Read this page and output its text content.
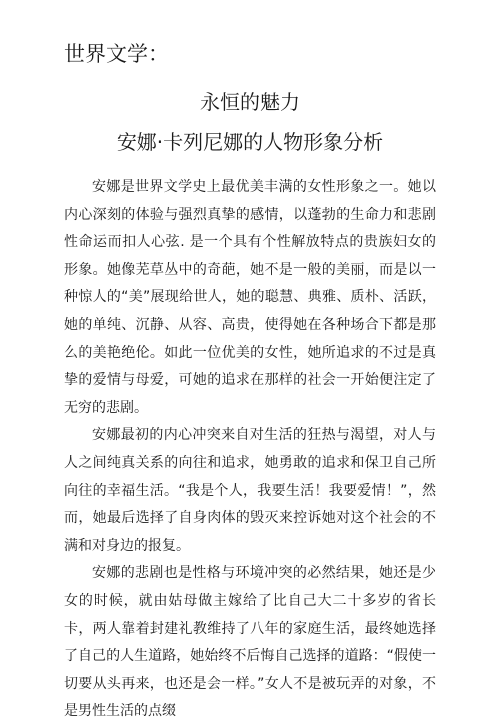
世界文学：
永恒的魅力
安娜·卡列尼娜的人物形象分析

安娜是世界文学史上最优美丰满的女性形象之一。她以内心深刻的体验与强烈真挚的感情，以蓬勃的生命力和悲剧性命运而扣人心弦. 是一个具有个性解放特点的贵族妇女的形象。她像芜草丛中的奇葩，她不是一般的美丽，而是以一种惊人的“美”展现给世人，她的聪慧、典雅、质朴、活跃，她的单纯、沉静、从容、高贵，使得她在各种场合下都是那么的美艳绝伦。如此一位优美的女性，她所追求的不过是真挚的爱情与母爱，可她的追求在那样的社会一开始便注定了无穷的悲剧。

安娜最初的内心冲突来自对生活的狂热与渴望，对人与人之间纯真关系的向往和追求，她勇敢的追求和保卫自己所向往的幸福生活。“我是个人，我要生活！我要爱情！”，然而，她最后选择了自身肉体的毁灭来控诉她对这个社会的不满和对身边的报复。

安娜的悲剧也是性格与环境冲突的必然结果，她还是少女的时候，就由姑母做主嫁给了比自己大二十多岁的省长卡，两人靠着封建礼教维持了八年的家庭生活，最终她选择了自己的人生道路，她始终不后悔自己选择的道路：“假使一切要从头再来，也还是会一样。”女人不是被玩弄的对象，不是男性生活的点缀
